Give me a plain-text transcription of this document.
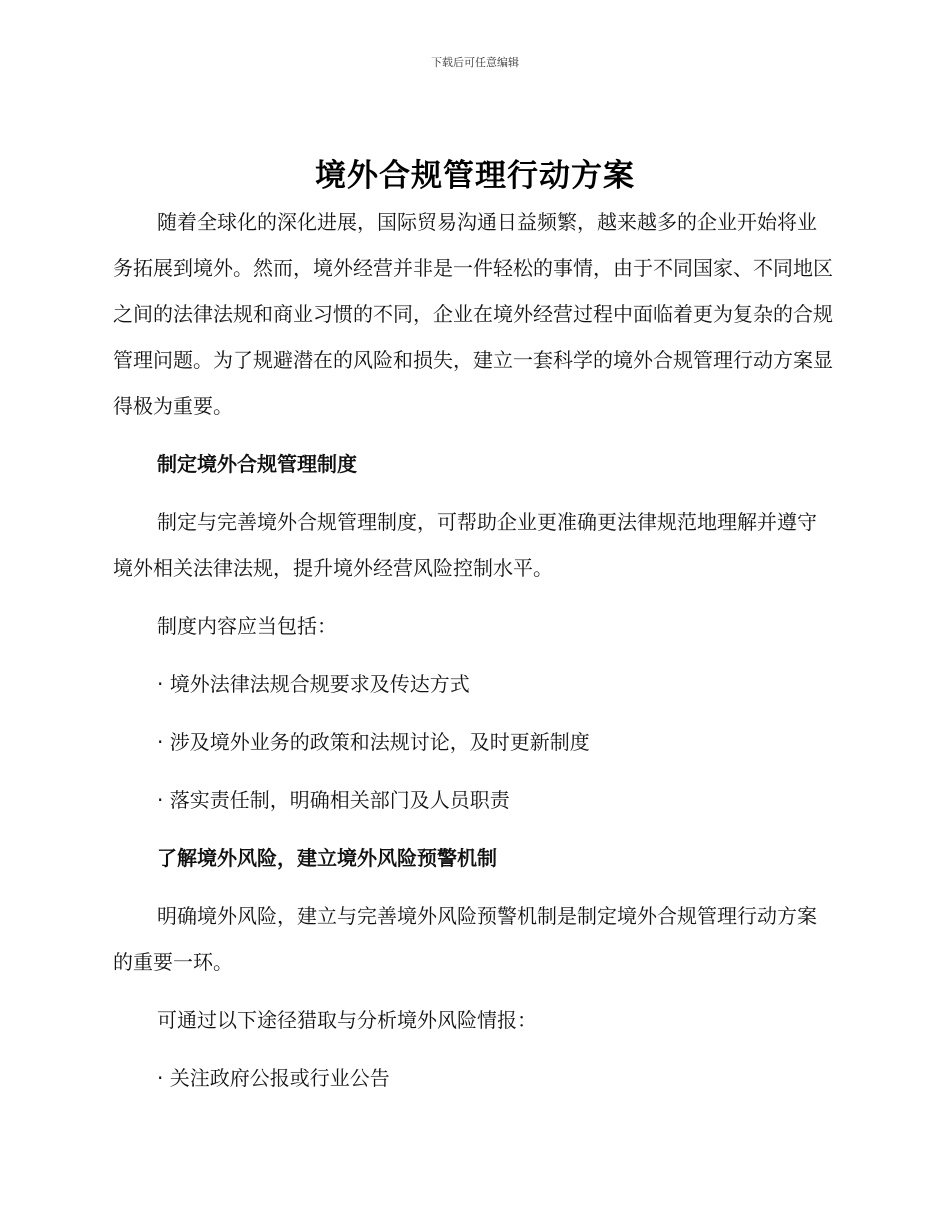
下载后可任意编辑
境外合规管理行动方案

随着全球化的深化进展，国际贸易沟通日益频繁，越来越多的企业开始将业务拓展到境外。然而，境外经营并非是一件轻松的事情，由于不同国家、不同地区之间的法律法规和商业习惯的不同，企业在境外经营过程中面临着更为复杂的合规管理问题。为了规避潜在的风险和损失，建立一套科学的境外合规管理行动方案显得极为重要。

制定境外合规管理制度

制定与完善境外合规管理制度，可帮助企业更准确更法律规范地理解并遵守境外相关法律法规，提升境外经营风险控制水平。

制度内容应当包括：

· 境外法律法规合规要求及传达方式

· 涉及境外业务的政策和法规讨论，及时更新制度

· 落实责任制，明确相关部门及人员职责

了解境外风险，建立境外风险预警机制

明确境外风险，建立与完善境外风险预警机制是制定境外合规管理行动方案的重要一环。

可通过以下途径猎取与分析境外风险情报：

· 关注政府公报或行业公告
